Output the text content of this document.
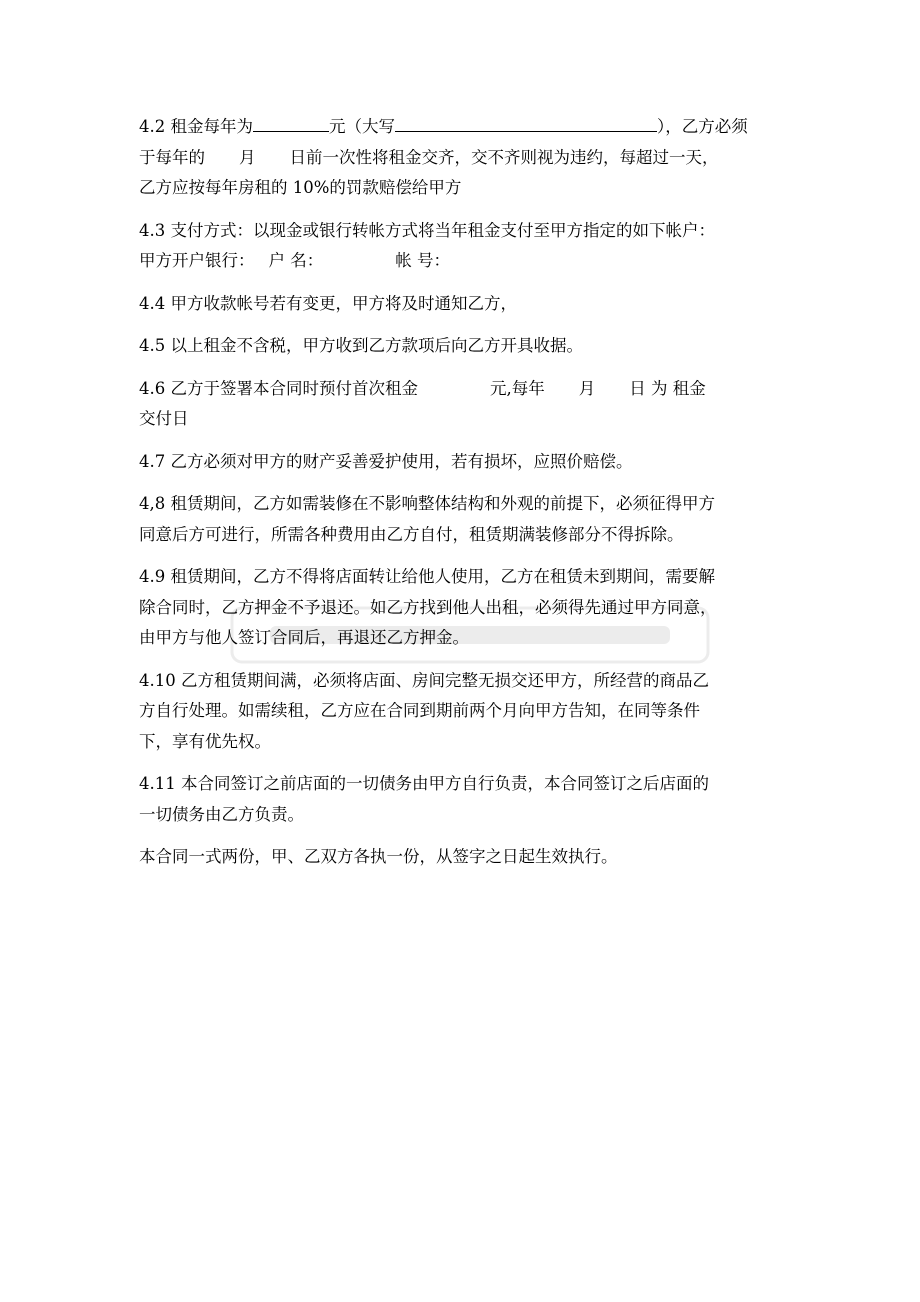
4.2 租金每年为	元（大写	），乙方必须
于每年的 月 日前一次性将租金交齐，交不齐则视为违约，每超过一天，
乙方应按每年房租的 10%的罚款赔偿给甲方
4.3 支付方式：以现金或银行转帐方式将当年租金支付至甲方指定的如下帐户：
甲方开户银行： 户 名：	帐 号：
4.4 甲方收款帐号若有变更，甲方将及时通知乙方，
4.5 以上租金不含税，甲方收到乙方款项后向乙方开具收据。
4.6 乙方于签署本合同时预付首次租金	元,每年 月 日 为 租金
交付日
4.7 乙方必须对甲方的财产妥善爱护使用，若有损坏，应照价赔偿。
4,8 租赁期间，乙方如需装修在不影响整体结构和外观的前提下，必须征得甲方
同意后方可进行，所需各种费用由乙方自付，租赁期满装修部分不得拆除。
4.9 租赁期间，乙方不得将店面转让给他人使用，乙方在租赁未到期间，需要解
除合同时，乙方押金不予退还。如乙方找到他人出租，必须得先通过甲方同意，
由甲方与他人签订合同后，再退还乙方押金。
4.10 乙方租赁期间满，必须将店面、房间完整无损交还甲方，所经营的商品乙
方自行处理。如需续租，乙方应在合同到期前两个月向甲方告知，在同等条件
下，享有优先权。
4.11 本合同签订之前店面的一切债务由甲方自行负责，本合同签订之后店面的
一切债务由乙方负责。
本合同一式两份，甲、乙双方各执一份，从签字之日起生效执行。
